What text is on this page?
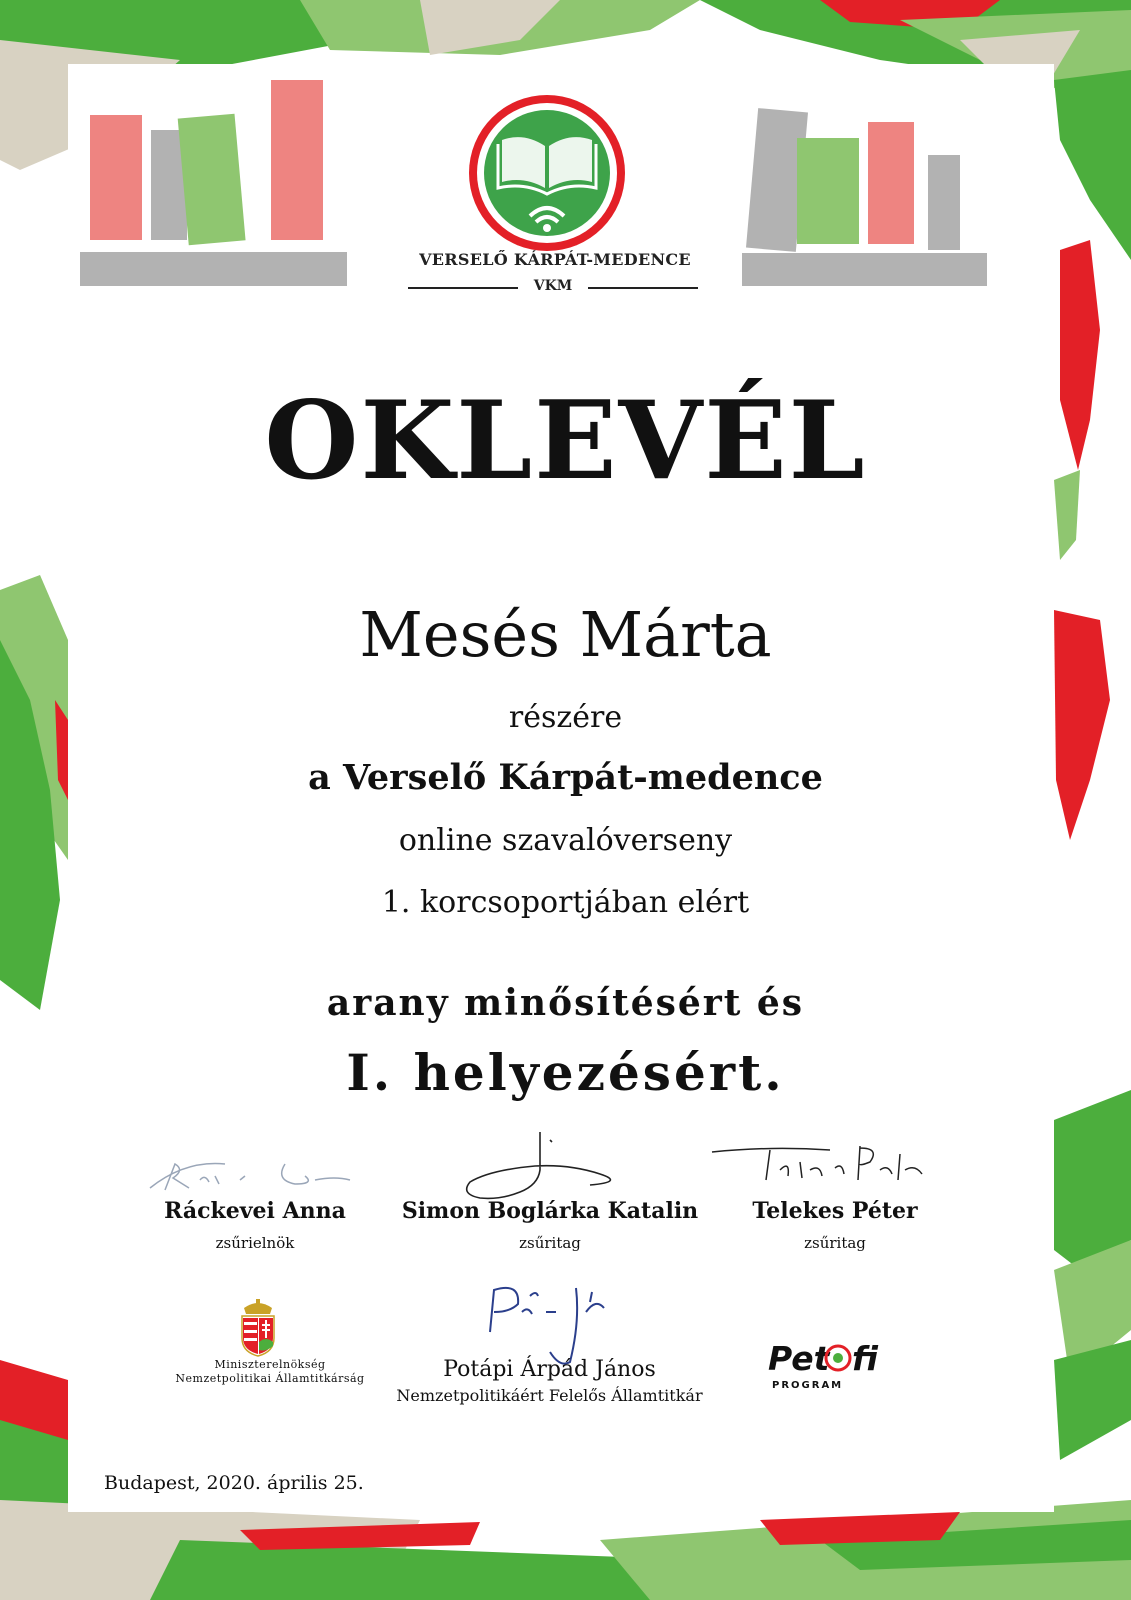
VERSELŐ KÁRPÁT-MEDENCE
VKM
OKLEVÉL
Mesés Márta
részére
a Verselő Kárpát-medence
online szavalóverseny
1. korcsoportjában elért
arany minősítésért és
I. helyezésért.
Ráckevei Anna
zsűrielnök
Simon Boglárka Katalin
zsűritag
Telekes Péter
zsűritag
Miniszterelnökség
Nemzetpolitikai Államtitkárság	Potápi Árpád János
Nemzetpolitikáért Felelős Államtitkár
Pet fi
PROGRAM
Budapest, 2020. április 25.
